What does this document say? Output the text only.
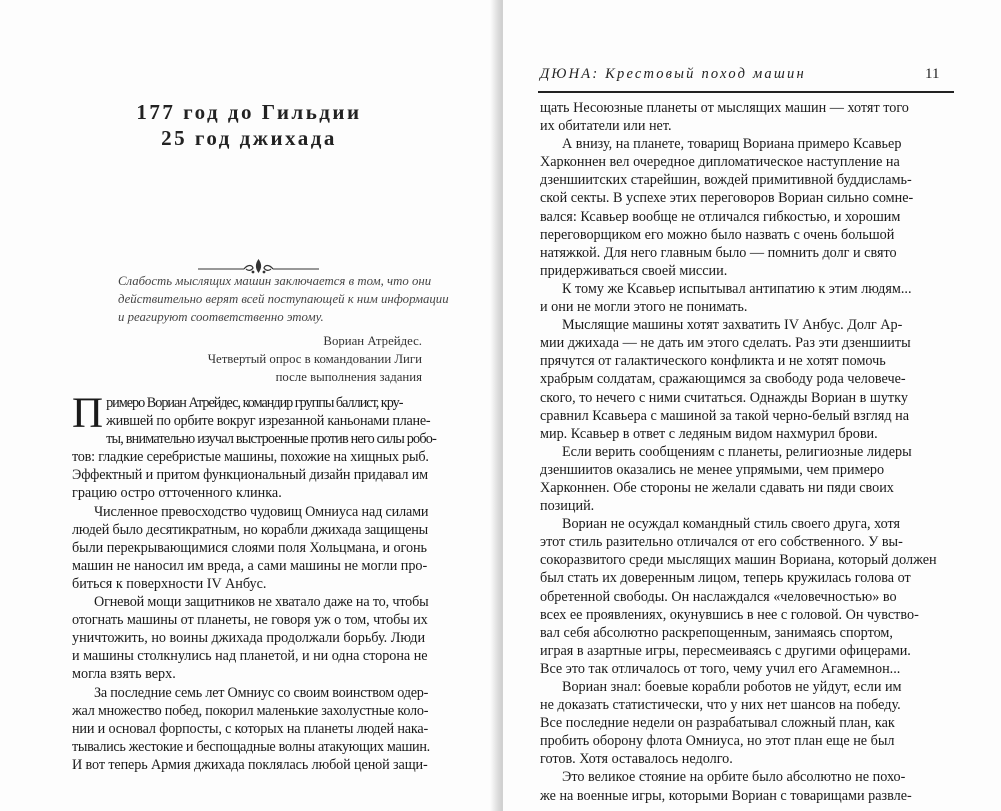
177 год до Гильдии
25 год джихада
Слабость мыслящих машин заключается в том, что они
действительно верят всей поступающей к ним информации
и реагируют соответственно этому.
Вориан Атрейдес.
Четвертый опрос в командовании Лиги
после выполнения задания
П римеро Вориан Атрейдес, командир группы баллист, кру-
жившей по орбите вокруг изрезанной каньонами плане-
ты, внимательно изучал выстроенные против него силы робо-
тов: гладкие серебристые машины, похожие на хищных рыб.
Эффектный и притом функциональный дизайн придавал им
грацию остро отточенного клинка.
Численное превосходство чудовищ Омниуса над силами
людей было десятикратным, но корабли джихада защищены
были перекрывающимися слоями поля Хольцмана, и огонь
машин не наносил им вреда, а сами машины не могли про-
биться к поверхности IV Анбус.
Огневой мощи защитников не хватало даже на то, чтобы
отогнать машины от планеты, не говоря уж о том, чтобы их
уничтожить, но воины джихада продолжали борьбу. Люди
и машины столкнулись над планетой, и ни одна сторона не
могла взять верх.
За последние семь лет Омниус со своим воинством одер-
жал множество побед, покорил маленькие захолустные коло-
нии и основал форпосты, с которых на планеты людей нака-
тывались жестокие и беспощадные волны атакующих машин.
И вот теперь Армия джихада поклялась любой ценой защи-
ДЮНА: Крестовый поход машин	11
щать Несоюзные планеты от мыслящих машин — хотят того
их обитатели или нет.
А внизу, на планете, товарищ Вориана примеро Ксавьер
Харконнен вел очередное дипломатическое наступление на
дзеншиитских старейшин, вождей примитивной буддисламь-
ской секты. В успехе этих переговоров Вориан сильно сомне-
вался: Ксавьер вообще не отличался гибкостью, и хорошим
переговорщиком его можно было назвать с очень большой
натяжкой. Для него главным было — помнить долг и свято
придерживаться своей миссии.
К тому же Ксавьер испытывал антипатию к этим людям...
и они не могли этого не понимать.
Мыслящие машины хотят захватить IV Анбус. Долг Ар-
мии джихада — не дать им этого сделать. Раз эти дзеншииты
прячутся от галактического конфликта и не хотят помочь
храбрым солдатам, сражающимся за свободу рода человече-
ского, то нечего с ними считаться. Однажды Вориан в шутку
сравнил Ксавьера с машиной за такой черно-белый взгляд на
мир. Ксавьер в ответ с ледяным видом нахмурил брови.
Если верить сообщениям с планеты, религиозные лидеры
дзеншиитов оказались не менее упрямыми, чем примеро
Харконнен. Обе стороны не желали сдавать ни пяди своих
позиций.
Вориан не осуждал командный стиль своего друга, хотя
этот стиль разительно отличался от его собственного. У вы-
сокоразвитого среди мыслящих машин Вориана, который должен
был стать их доверенным лицом, теперь кружилась голова от
обретенной свободы. Он наслаждался «человечностью» во
всех ее проявлениях, окунувшись в нее с головой. Он чувство-
вал себя абсолютно раскрепощенным, занимаясь спортом,
играя в азартные игры, пересмеиваясь с другими офицерами.
Все это так отличалось от того, чему учил его Агамемнон...
Вориан знал: боевые корабли роботов не уйдут, если им
не доказать статистически, что у них нет шансов на победу.
Все последние недели он разрабатывал сложный план, как
пробить оборону флота Омниуса, но этот план еще не был
готов. Хотя оставалось недолго.
Это великое стояние на орбите было абсолютно не похо-
же на военные игры, которыми Вориан с товарищами развле-
